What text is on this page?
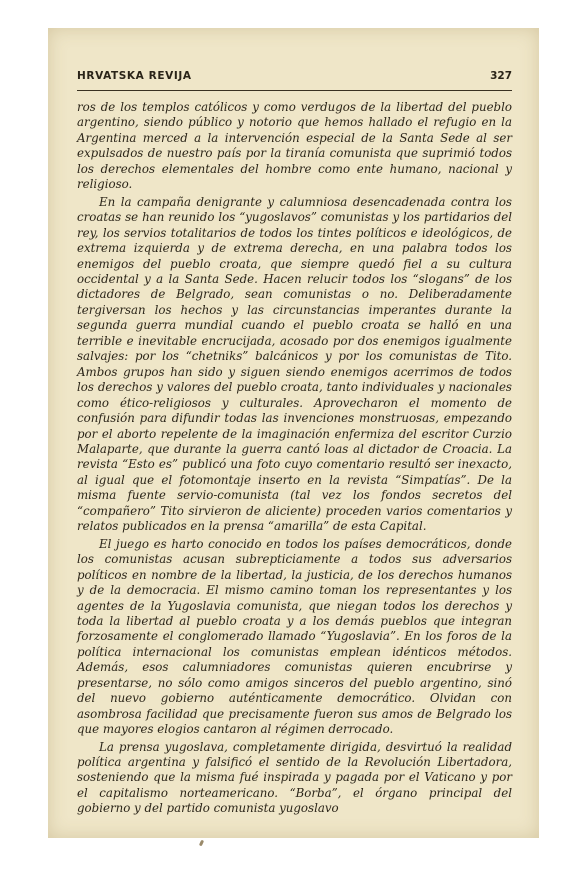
HRVATSKA REVIJA	327

ros de los templos católicos y como verdugos de la libertad del pueblo argentino, siendo público y notorio que hemos hallado el refugio en la Argentina merced a la intervención especial de la Santa Sede al ser expulsados de nuestro país por la tiranía comunista que suprimió todos los derechos elementales del hombre como ente humano, nacional y religioso.

En la campaña denigrante y calumniosa desencadenada contra los croatas se han reunido los “yugoslavos” comunistas y los partidarios del rey, los servios totalitarios de todos los tintes políticos e ideológicos, de extrema izquierda y de extrema derecha, en una palabra todos los enemigos del pueblo croata, que siempre quedó fiel a su cultura occidental y a la Santa Sede. Hacen relucir todos los “slogans” de los dictadores de Belgrado, sean comunistas o no. Deliberadamente tergiversan los hechos y las circunstancias imperantes durante la segunda guerra mundial cuando el pueblo croata se halló en una terrible e inevitable encrucijada, acosado por dos enemigos igualmente salvajes: por los “chetniks” balcánicos y por los comunistas de Tito. Ambos grupos han sido y siguen siendo enemigos acerrimos de todos los derechos y valores del pueblo croata, tanto individuales y nacionales como ético-religiosos y culturales. Aprovecharon el momento de confusión para difundir todas las invenciones monstruosas, empezando por el aborto repelente de la imaginación enfermiza del escritor Curzio Malaparte, que durante la guerra cantó loas al dictador de Croacia. La revista “Esto es” publicó una foto cuyo comentario resultó ser inexacto, al igual que el fotomontaje inserto en la revista “Simpatías”. De la misma fuente servio-comunista (tal vez los fondos secretos del “compañero” Tito sirvieron de aliciente) proceden varios comentarios y relatos publicados en la prensa “amarilla” de esta Capital.

El juego es harto conocido en todos los países democráticos, donde los comunistas acusan subrepticiamente a todos sus adversarios políticos en nombre de la libertad, la justicia, de los derechos humanos y de la democracia. El mismo camino toman los representantes y los agentes de la Yugoslavia comunista, que niegan todos los derechos y toda la libertad al pueblo croata y a los demás pueblos que integran forzosamente el conglomerado llamado “Yugoslavia”. En los foros de la política internacional los comunistas emplean idénticos métodos. Además, esos calumniadores comunistas quieren encubrirse y presentarse, no sólo como amigos sinceros del pueblo argentino, sinó del nuevo gobierno auténticamente democrático. Olvidan con asombrosa facilidad que precisamente fueron sus amos de Belgrado los que mayores elogios cantaron al régimen derrocado.

La prensa yugoslava, completamente dirigida, desvirtuó la realidad política argentina y falsificó el sentido de la Revolución Libertadora, sosteniendo que la misma fué inspirada y pagada por el Vaticano y por el capitalismo norteamericano. “Borba”, el órgano principal del gobierno y del partido comunista yugoslavo
